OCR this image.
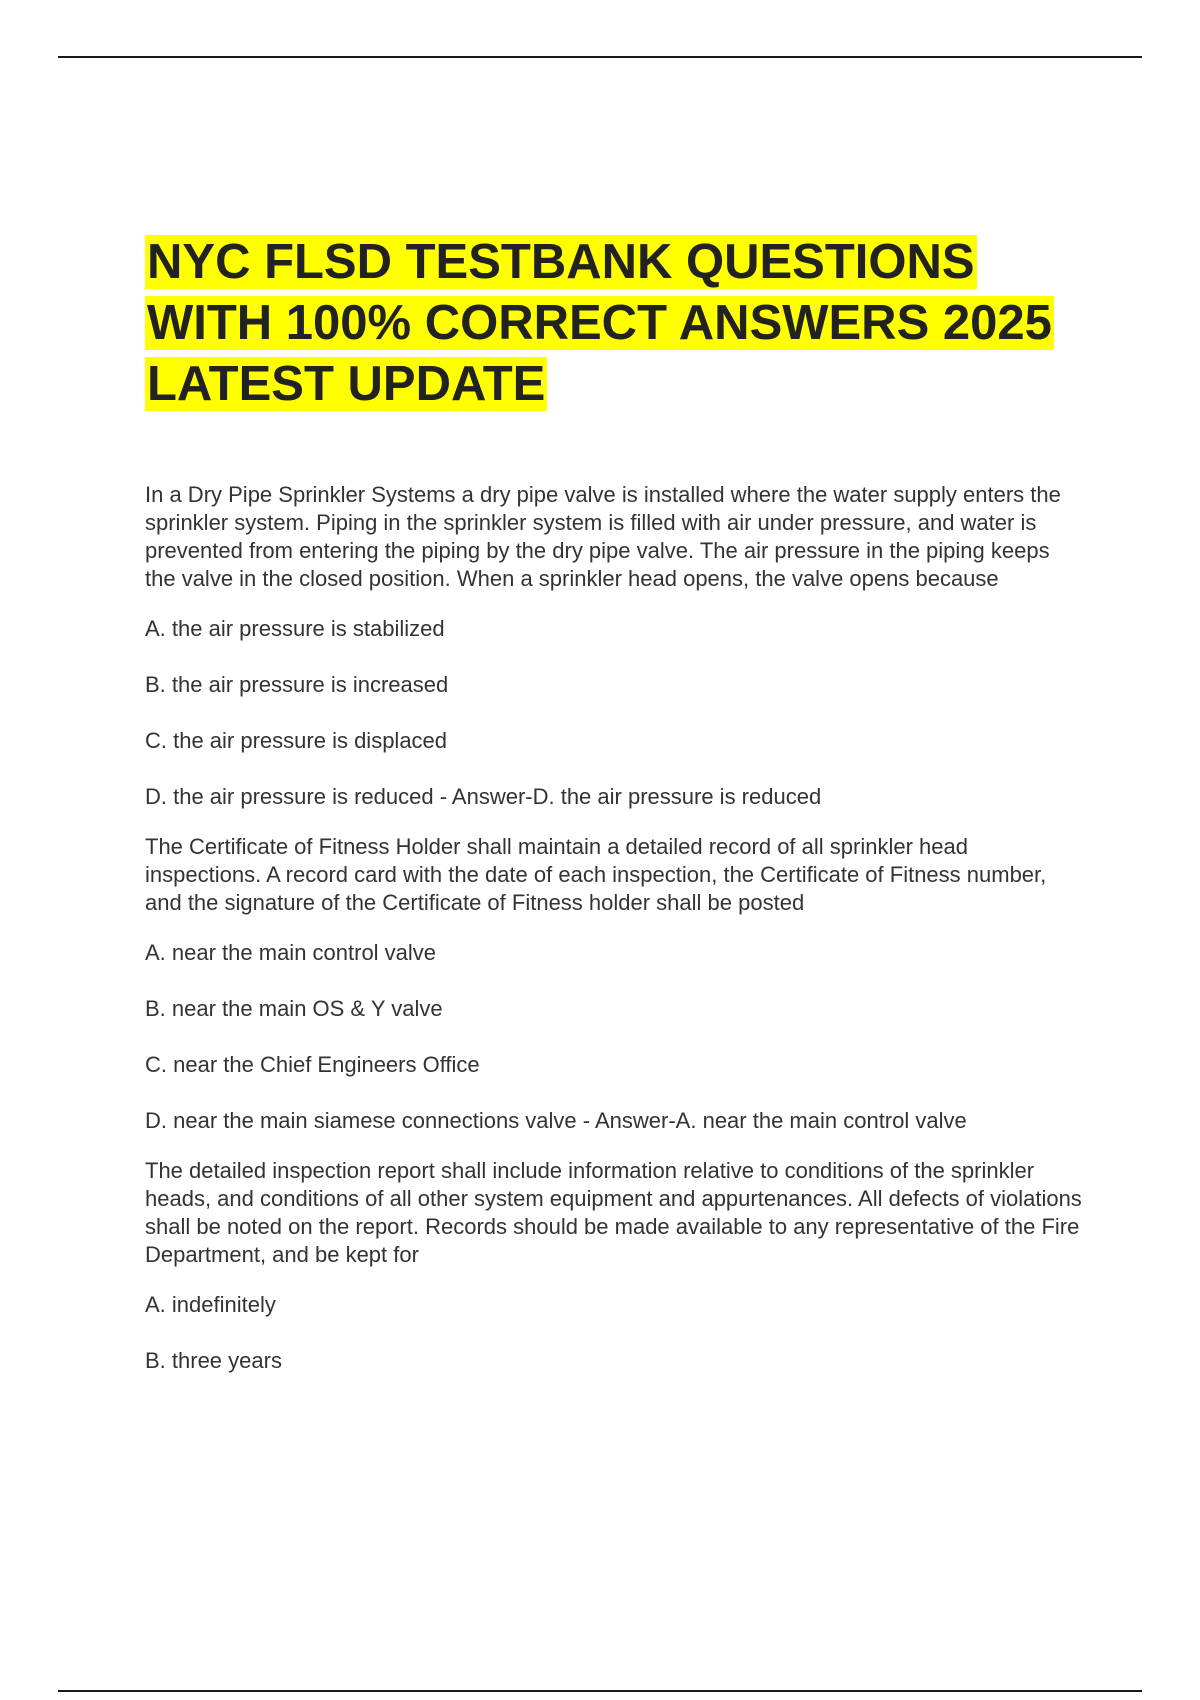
NYC FLSD TESTBANK QUESTIONS WITH 100% CORRECT ANSWERS 2025 LATEST UPDATE

In a Dry Pipe Sprinkler Systems a dry pipe valve is installed where the water supply enters the sprinkler system. Piping in the sprinkler system is filled with air under pressure, and water is prevented from entering the piping by the dry pipe valve. The air pressure in the piping keeps the valve in the closed position. When a sprinkler head opens, the valve opens because

A. the air pressure is stabilized

B. the air pressure is increased

C. the air pressure is displaced

D. the air pressure is reduced - Answer-D. the air pressure is reduced

The Certificate of Fitness Holder shall maintain a detailed record of all sprinkler head inspections. A record card with the date of each inspection, the Certificate of Fitness number, and the signature of the Certificate of Fitness holder shall be posted

A. near the main control valve

B. near the main OS & Y valve

C. near the Chief Engineers Office

D. near the main siamese connections valve - Answer-A. near the main control valve

The detailed inspection report shall include information relative to conditions of the sprinkler heads, and conditions of all other system equipment and appurtenances. All defects of violations shall be noted on the report. Records should be made available to any representative of the Fire Department, and be kept for

A. indefinitely

B. three years
